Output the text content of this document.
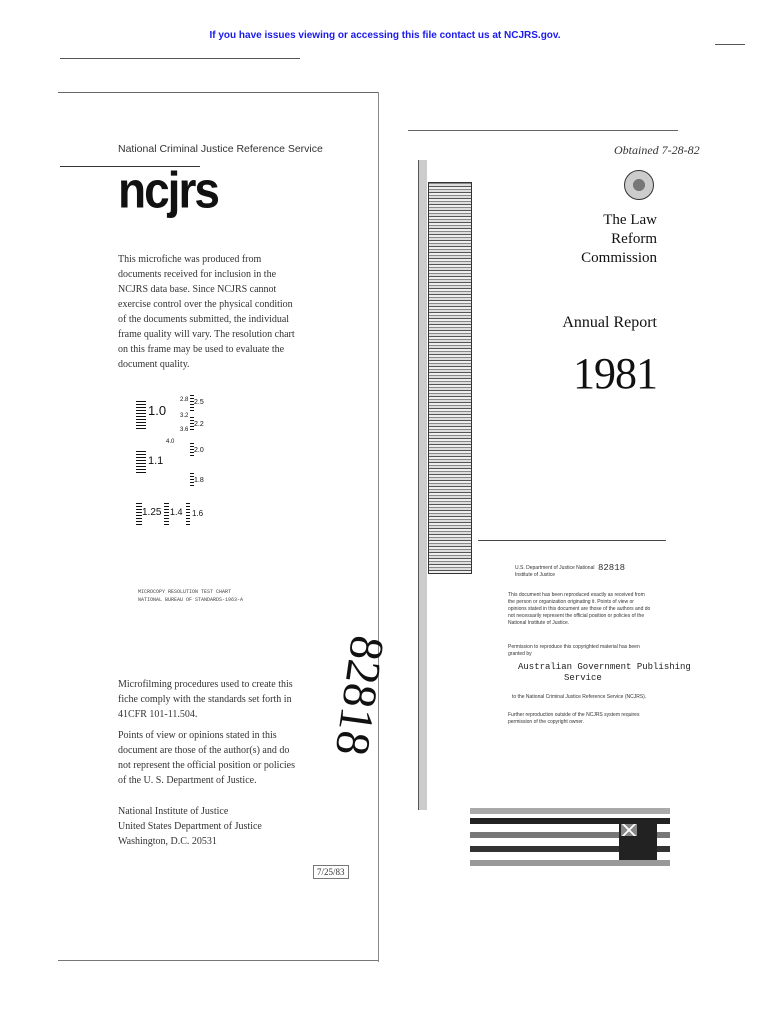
If you have issues viewing or accessing this file contact us at NCJRS.gov.
National Criminal Justice Reference Service
ncjrs
This microfiche was produced from documents received for inclusion in the NCJRS data base. Since NCJRS cannot exercise control over the physical condition of the documents submitted, the individual frame quality will vary. The resolution chart on this frame may be used to evaluate the document quality.
1.0
2.8 2.5
3.2
2.2
3.6
2.0
1.1
4.0
1.8
1.25 1.4 1.6
MICROCOPY RESOLUTION TEST CHART
NATIONAL BUREAU OF STANDARDS-1963-A
Microfilming procedures used to create this fiche comply with the standards set forth in 41CFR 101-11.504.
Points of view or opinions stated in this document are those of the author(s) and do not represent the official position or policies of the U. S. Department of Justice.
National Institute of Justice
United States Department of Justice
Washington, D.C. 20531
7/25/83
Obtained 7-28-82
The Law
Reform
Commission
Annual Report
1981
U.S. Department of Justice National Institute of Justice
82818
This document has been reproduced exactly as received from the person or organization originating it. Points of view or opinions stated in this document are those of the authors and do not necessarily represent the official position or policies of the National Institute of Justice.
Permission to reproduce this copyrighted material has been granted by
Australian Government Publishing
Service
to the National Criminal Justice Reference Service (NCJRS).
Further reproduction outside of the NCJRS system requires permission of the copyright owner.
82818
